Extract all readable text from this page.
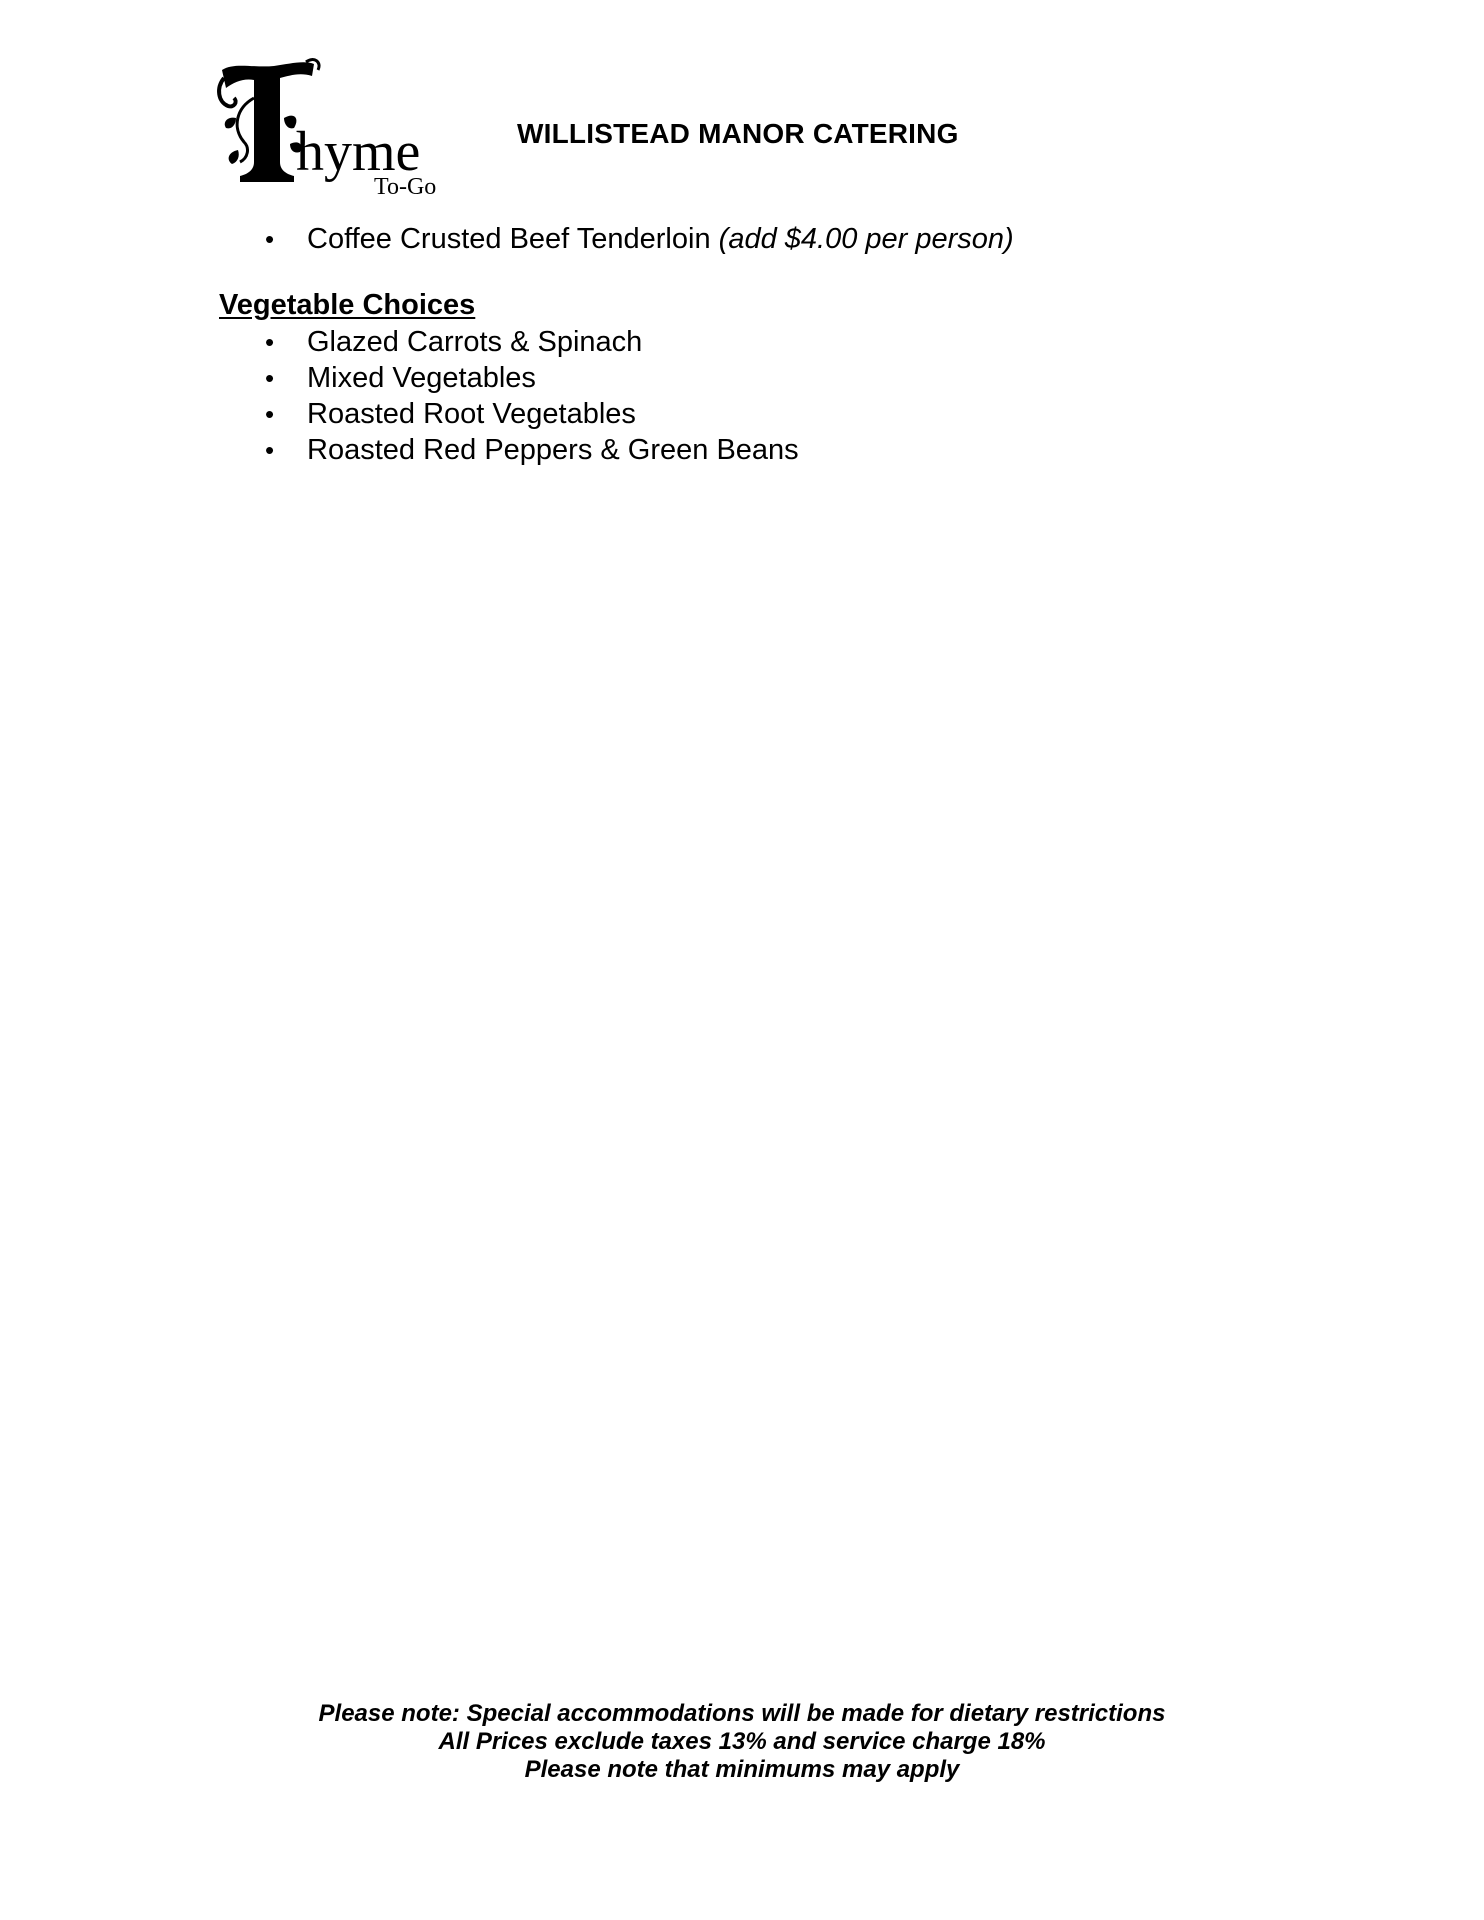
hyme
To-Go
WILLISTEAD MANOR CATERING
• Coffee Crusted Beef Tenderloin (add $4.00 per person)
Vegetable Choices
• Glazed Carrots & Spinach
• Mixed Vegetables
• Roasted Root Vegetables
• Roasted Red Peppers & Green Beans
Please note: Special accommodations will be made for dietary restrictions
All Prices exclude taxes 13% and service charge 18%
Please note that minimums may apply
